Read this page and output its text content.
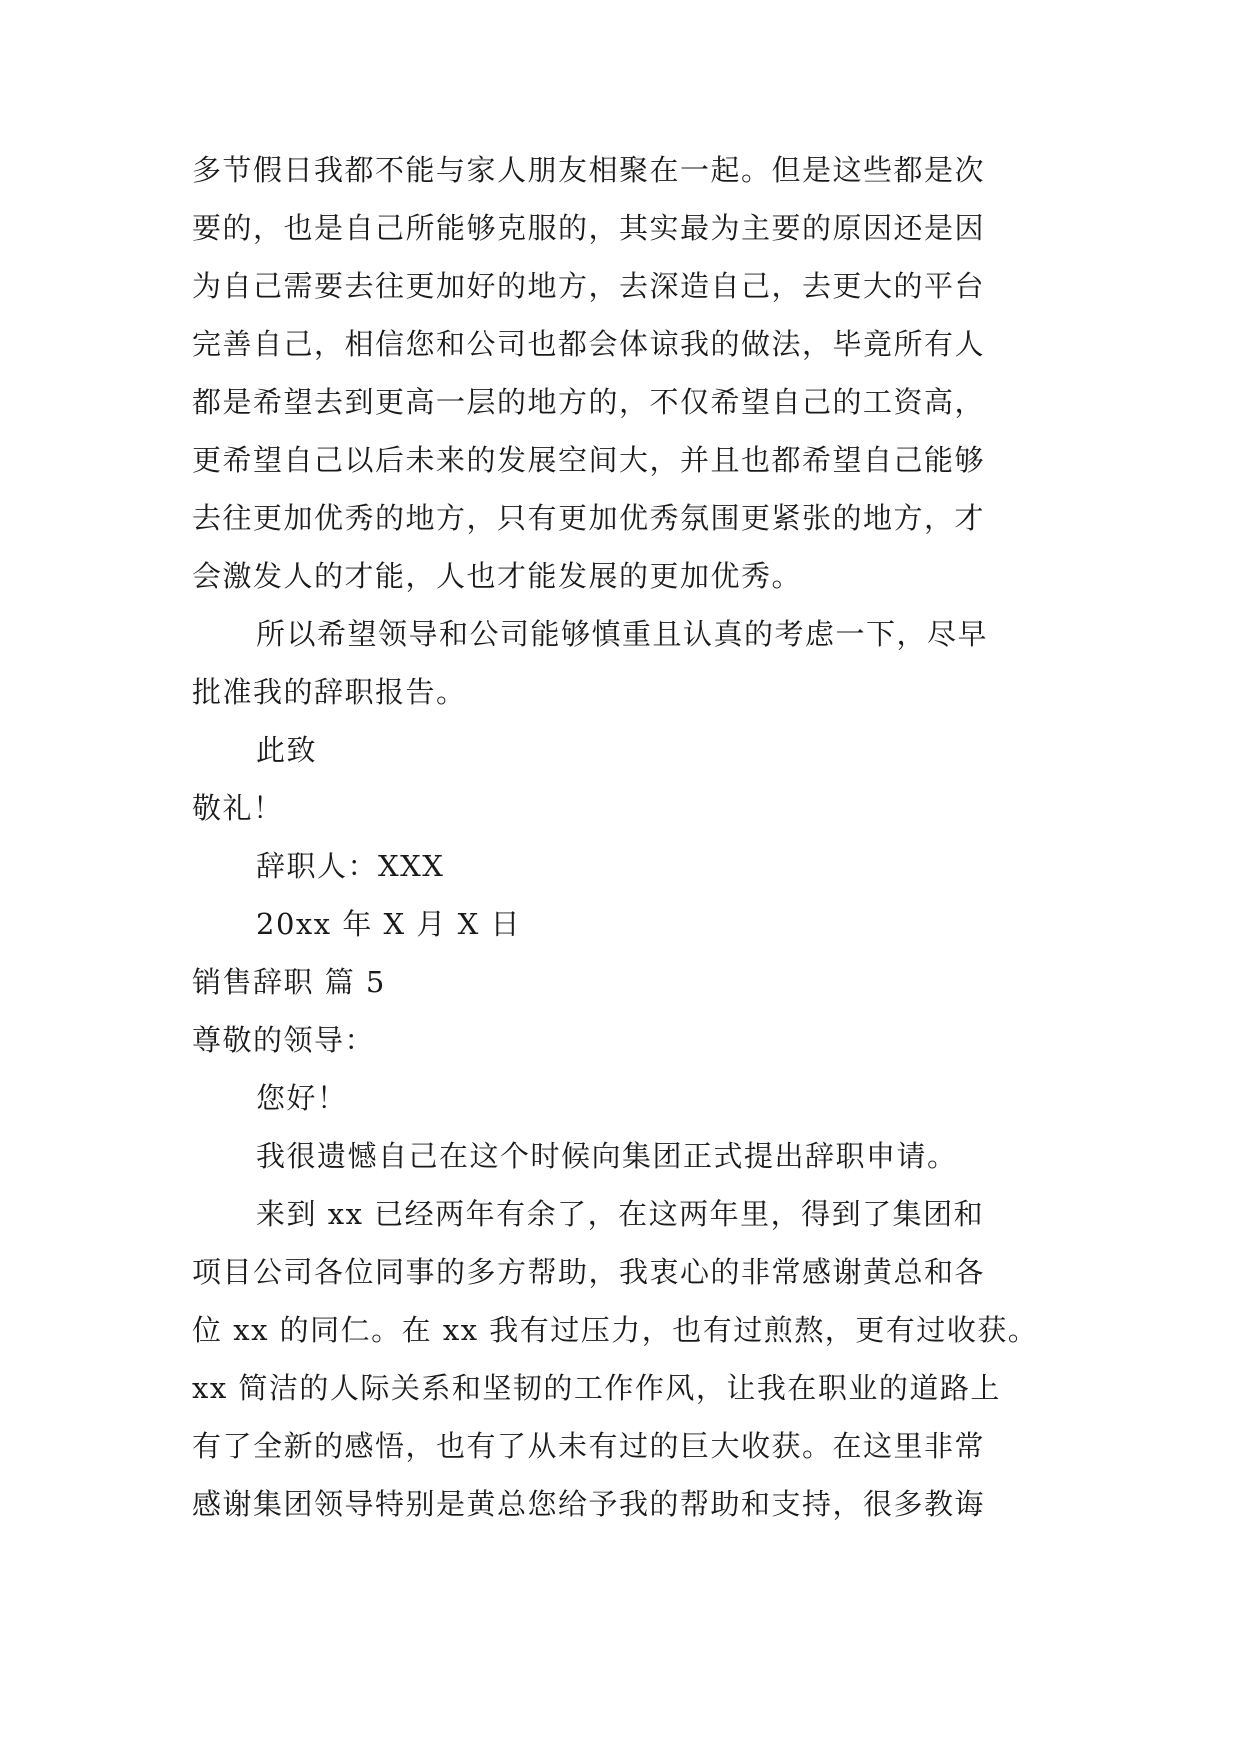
多节假日我都不能与家人朋友相聚在一起。但是这些都是次
要的，也是自己所能够克服的，其实最为主要的原因还是因
为自己需要去往更加好的地方，去深造自己，去更大的平台
完善自己，相信您和公司也都会体谅我的做法，毕竟所有人
都是希望去到更高一层的地方的，不仅希望自己的工资高，
更希望自己以后未来的发展空间大，并且也都希望自己能够
去往更加优秀的地方，只有更加优秀氛围更紧张的地方，才
会激发人的才能，人也才能发展的更加优秀。
所以希望领导和公司能够慎重且认真的考虑一下，尽早
批准我的辞职报告。
此致
敬礼！
辞职人：XXX
20xx 年 X 月 X 日
销售辞职 篇 5
尊敬的领导：
您好！
我很遗憾自己在这个时候向集团正式提出辞职申请。
来到 xx 已经两年有余了，在这两年里，得到了集团和
项目公司各位同事的多方帮助，我衷心的非常感谢黄总和各
位 xx 的同仁。在 xx 我有过压力，也有过煎熬，更有过收获。
xx 简洁的人际关系和坚韧的工作作风，让我在职业的道路上
有了全新的感悟，也有了从未有过的巨大收获。在这里非常
感谢集团领导特别是黄总您给予我的帮助和支持，很多教诲
